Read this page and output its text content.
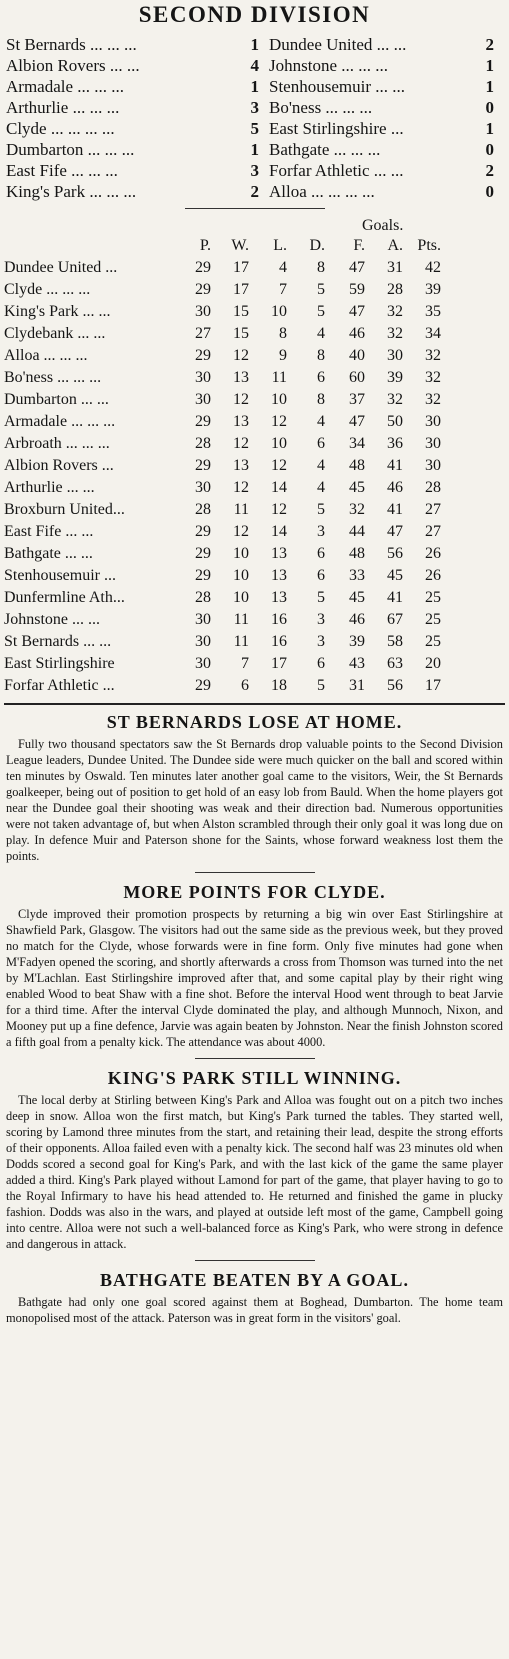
SECOND DIVISION
St Bernards ... ... ...	1 Dundee United ... ...	2
Albion Rovers ... ...	4 Johnstone ... ... ...	1
Armadale ... ... ...	1 Stenhousemuir ... ...	1
Arthurlie ... ... ...	3 Bo'ness ... ... ...	0
Clyde ... ... ... ...	5 East Stirlingshire ...	1
Dumbarton ... ... ...	1 Bathgate ... ... ...	0
East Fife ... ... ...	3 Forfar Athletic ... ...	2
King's Park ... ... ...	2 Alloa ... ... ... ...	0
Goals.
	P.	W.	L.	D.	F.	A.	Pts.
Dundee United ...	29	17	4	8	47	31	42
Clyde ... ... ...	29	17	7	5	59	28	39
King's Park ... ...	30	15	10	5	47	32	35
Clydebank ... ...	27	15	8	4	46	32	34
Alloa ... ... ...	29	12	9	8	40	30	32
Bo'ness ... ... ...	30	13	11	6	60	39	32
Dumbarton ... ...	30	12	10	8	37	32	32
Armadale ... ... ...	29	13	12	4	47	50	30
Arbroath ... ... ...	28	12	10	6	34	36	30
Albion Rovers ...	29	13	12	4	48	41	30
Arthurlie ... ...	30	12	14	4	45	46	28
Broxburn United...	28	11	12	5	32	41	27
East Fife ... ...	29	12	14	3	44	47	27
Bathgate ... ...	29	10	13	6	48	56	26
Stenhousemuir ...	29	10	13	6	33	45	26
Dunfermline Ath...	28	10	13	5	45	41	25
Johnstone ... ...	30	11	16	3	46	67	25
St Bernards ... ...	30	11	16	3	39	58	25
East Stirlingshire	30	7	17	6	43	63	20
Forfar Athletic ...	29	6	18	5	31	56	17
ST BERNARDS LOSE AT HOME.
Fully two thousand spectators saw the St Bernards drop valuable points to the Second Division League leaders, Dundee United. The Dundee side were much quicker on the ball and scored within ten minutes by Oswald. Ten minutes later another goal came to the visitors, Weir, the St Bernards goalkeeper, being out of position to get hold of an easy lob from Bauld. When the home players got near the Dundee goal their shooting was weak and their direction bad. Numerous opportunities were not taken advantage of, but when Alston scrambled through their only goal it was long due on play. In defence Muir and Paterson shone for the Saints, whose forward weakness lost them the points.
MORE POINTS FOR CLYDE.
Clyde improved their promotion prospects by returning a big win over East Stirlingshire at Shawfield Park, Glasgow. The visitors had out the same side as the previous week, but they proved no match for the Clyde, whose forwards were in fine form. Only five minutes had gone when M'Fadyen opened the scoring, and shortly afterwards a cross from Thomson was turned into the net by M'Lachlan. East Stirlingshire improved after that, and some capital play by their right wing enabled Wood to beat Shaw with a fine shot. Before the interval Hood went through to beat Jarvie for a third time. After the interval Clyde dominated the play, and although Munnoch, Nixon, and Mooney put up a fine defence, Jarvie was again beaten by Johnston. Near the finish Johnston scored a fifth goal from a penalty kick. The attendance was about 4000.
KING'S PARK STILL WINNING.
The local derby at Stirling between King's Park and Alloa was fought out on a pitch two inches deep in snow. Alloa won the first match, but King's Park turned the tables. They started well, scoring by Lamond three minutes from the start, and retaining their lead, despite the strong efforts of their opponents. Alloa failed even with a penalty kick. The second half was 23 minutes old when Dodds scored a second goal for King's Park, and with the last kick of the game the same player added a third. King's Park played without Lamond for part of the game, that player having to go to the Royal Infirmary to have his head attended to. He returned and finished the game in plucky fashion. Dodds was also in the wars, and played at outside left most of the game, Campbell going into centre. Alloa were not such a well-balanced force as King's Park, who were strong in defence and dangerous in attack.
BATHGATE BEATEN BY A GOAL.
Bathgate had only one goal scored against them at Boghead, Dumbarton. The home team monopolised most of the attack. Paterson was in great form in the visitors' goal.
